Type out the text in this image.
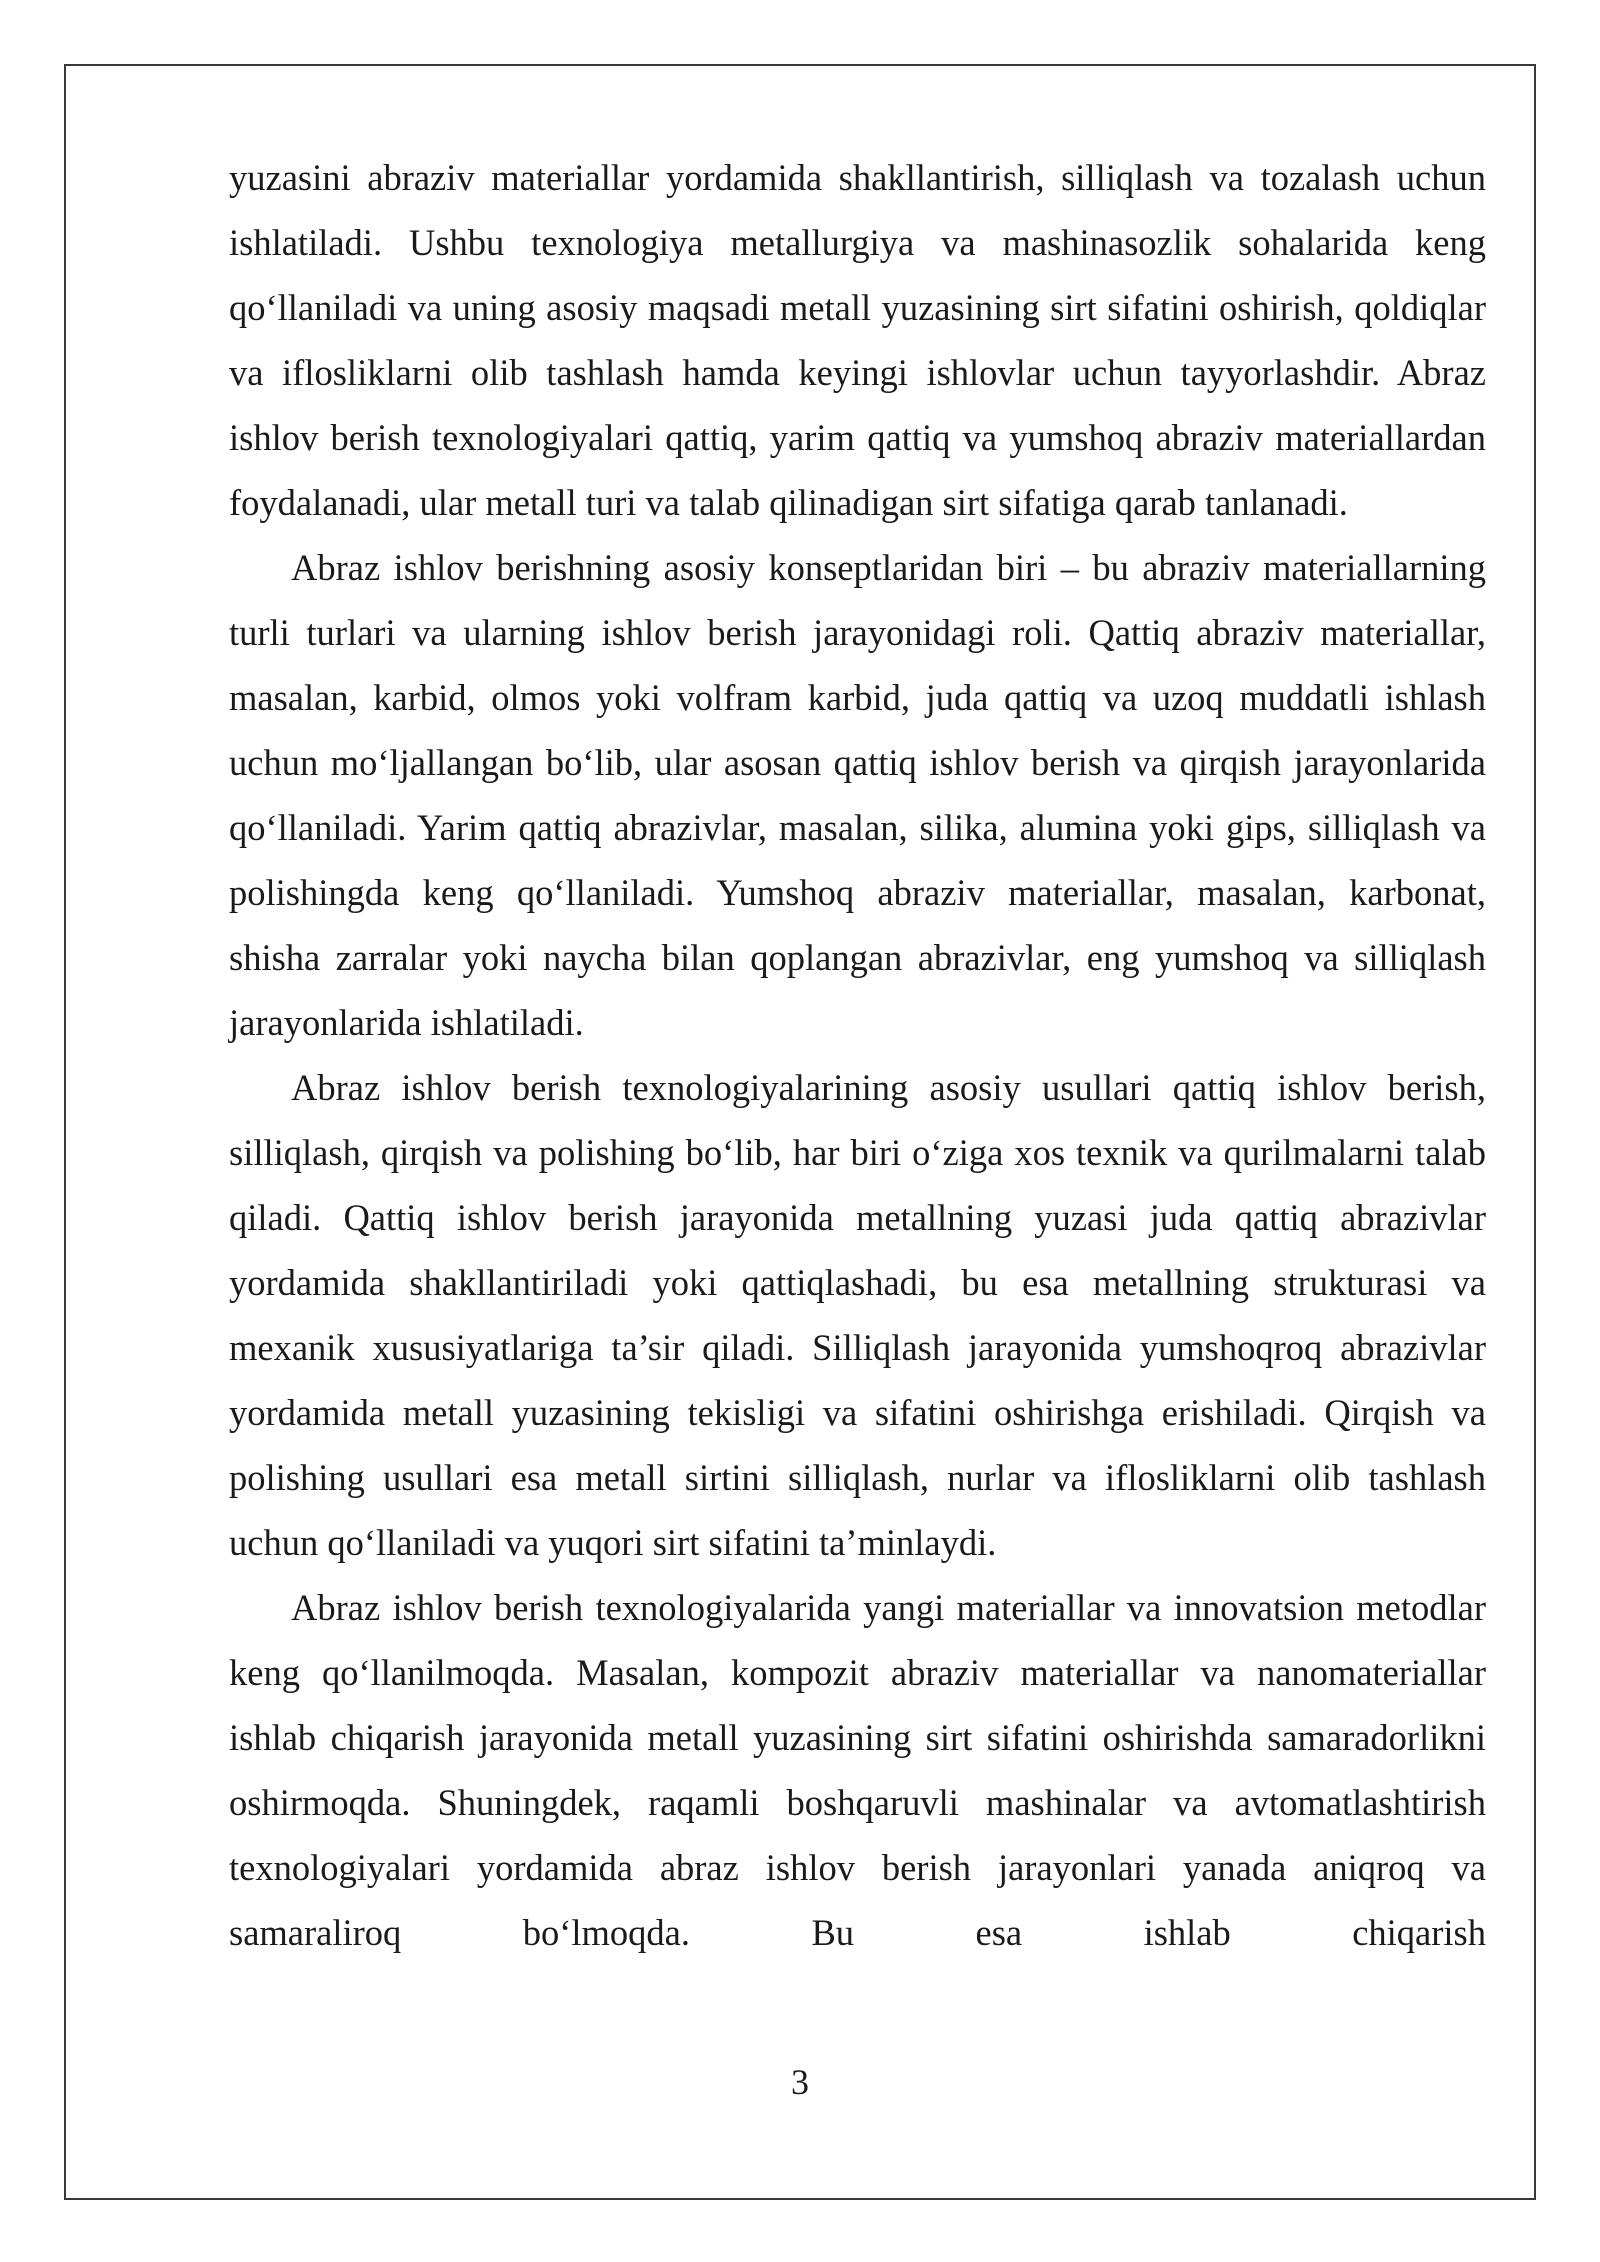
yuzasini abraziv materiallar yordamida shakllantirish, silliqlash va tozalash uchun ishlatiladi. Ushbu texnologiya metallurgiya va mashinasozlik sohalarida keng qo‘llaniladi va uning asosiy maqsadi metall yuzasining sirt sifatini oshirish, qoldiqlar va iflosliklarni olib tashlash hamda keyingi ishlovlar uchun tayyorlashdir. Abraz ishlov berish texnologiyalari qattiq, yarim qattiq va yumshoq abraziv materiallardan foydalanadi, ular metall turi va talab qilinadigan sirt sifatiga qarab tanlanadi.

Abraz ishlov berishning asosiy konseptlaridan biri – bu abraziv materiallarning turli turlari va ularning ishlov berish jarayonidagi roli. Qattiq abraziv materiallar, masalan, karbid, olmos yoki volfram karbid, juda qattiq va uzoq muddatli ishlash uchun mo‘ljallangan bo‘lib, ular asosan qattiq ishlov berish va qirqish jarayonlarida qo‘llaniladi. Yarim qattiq abrazivlar, masalan, silika, alumina yoki gips, silliqlash va polishingda keng qo‘llaniladi. Yumshoq abraziv materiallar, masalan, karbonat, shisha zarralar yoki naycha bilan qoplangan abrazivlar, eng yumshoq va silliqlash jarayonlarida ishlatiladi.

Abraz ishlov berish texnologiyalarining asosiy usullari qattiq ishlov berish, silliqlash, qirqish va polishing bo‘lib, har biri o‘ziga xos texnik va qurilmalarni talab qiladi. Qattiq ishlov berish jarayonida metallning yuzasi juda qattiq abrazivlar yordamida shakllantiriladi yoki qattiqlashadi, bu esa metallning strukturasi va mexanik xususiyatlariga ta’sir qiladi. Silliqlash jarayonida yumshoqroq abrazivlar yordamida metall yuzasining tekisligi va sifatini oshirishga erishiladi. Qirqish va polishing usullari esa metall sirtini silliqlash, nurlar va iflosliklarni olib tashlash uchun qo‘llaniladi va yuqori sirt sifatini ta’minlaydi.

Abraz ishlov berish texnologiyalarida yangi materiallar va innovatsion metodlar keng qo‘llanilmoqda. Masalan, kompozit abraziv materiallar va nanomateriallar ishlab chiqarish jarayonida metall yuzasining sirt sifatini oshirishda samaradorlikni oshirmoqda. Shuningdek, raqamli boshqaruvli mashinalar va avtomatlashtirish texnologiyalari yordamida abraz ishlov berish jarayonlari yanada aniqroq va samaraliroq bo‘lmoqda. Bu esa ishlab chiqarish

3
